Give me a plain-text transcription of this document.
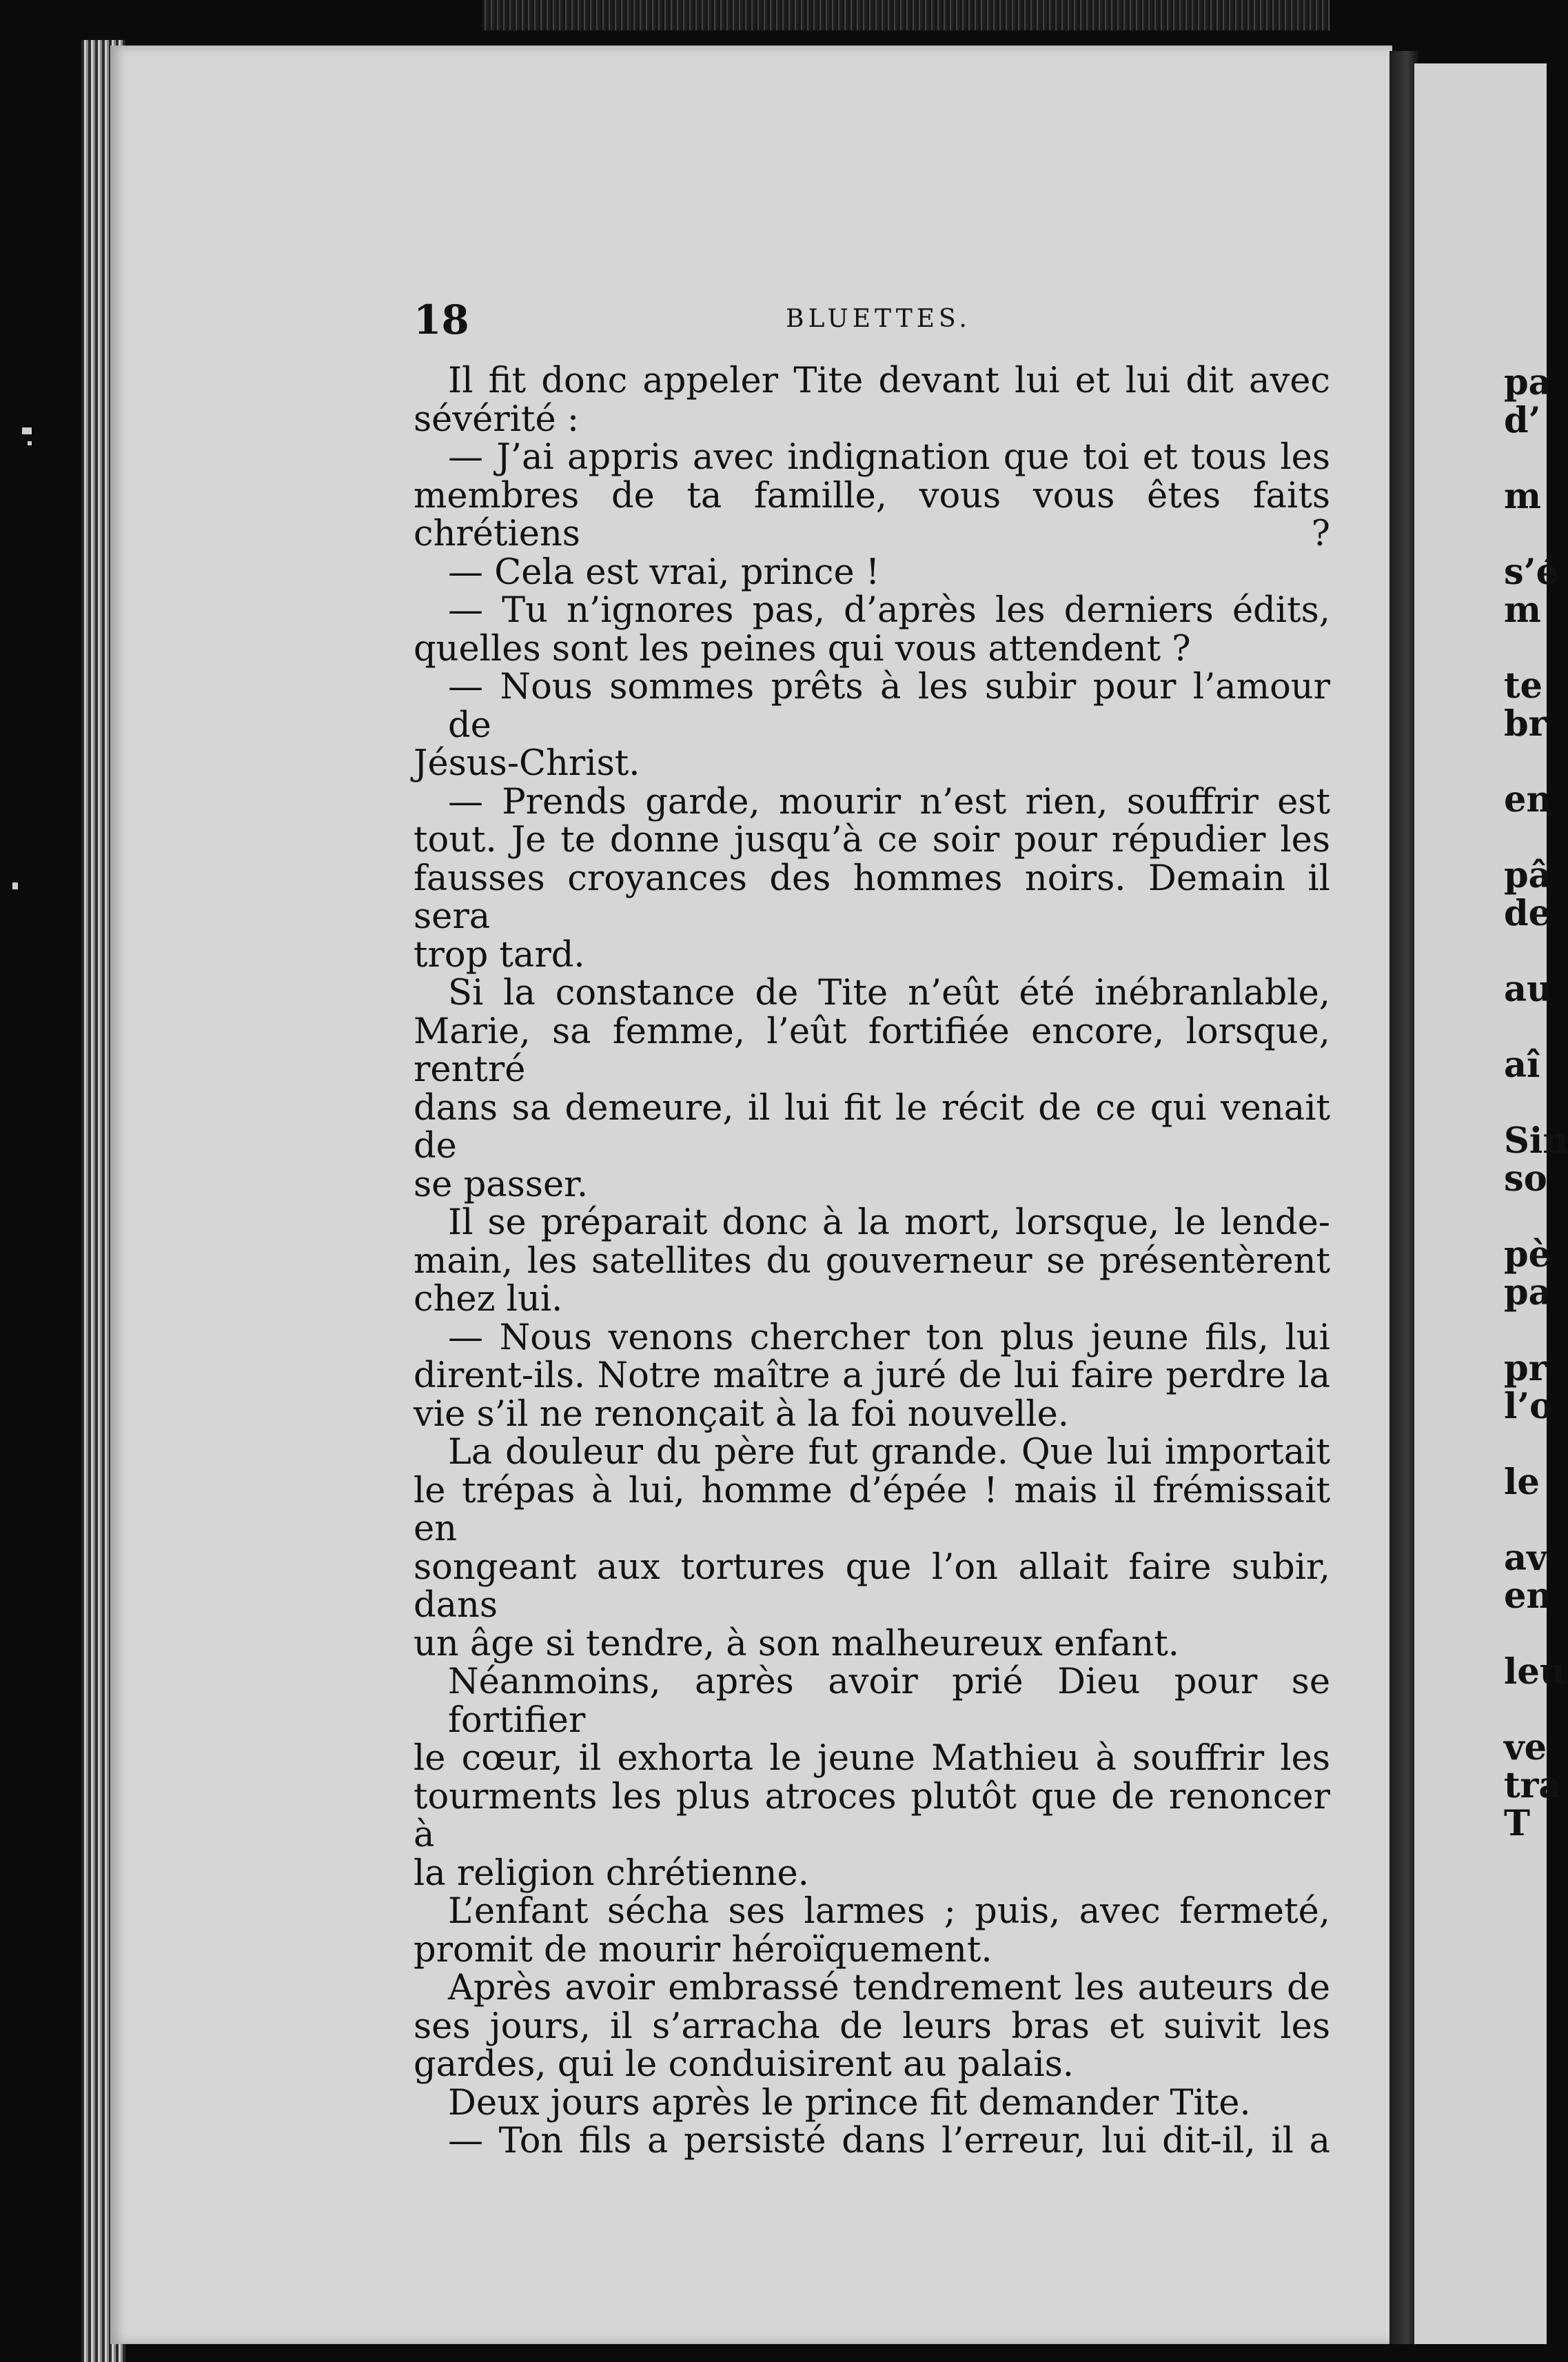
18	BLUETTES.
Il fit donc appeler Tite devant lui et lui dit avec
sévérité :
— J’ai appris avec indignation que toi et tous les
membres de ta famille, vous vous êtes faits chrétiens ?
— Cela est vrai, prince !
— Tu n’ignores pas, d’après les derniers édits,
quelles sont les peines qui vous attendent ?
— Nous sommes prêts à les subir pour l’amour de
Jésus-Christ.
— Prends garde, mourir n’est rien, souffrir est
tout. Je te donne jusqu’à ce soir pour répudier les
fausses croyances des hommes noirs. Demain il sera
trop tard.
Si la constance de Tite n’eût été inébranlable,
Marie, sa femme, l’eût fortifiée encore, lorsque, rentré
dans sa demeure, il lui fit le récit de ce qui venait de
se passer.
Il se préparait donc à la mort, lorsque, le lende-
main, les satellites du gouverneur se présentèrent
chez lui.
— Nous venons chercher ton plus jeune fils, lui
dirent-ils. Notre maître a juré de lui faire perdre la
vie s’il ne renonçait à la foi nouvelle.
La douleur du père fut grande. Que lui importait
le trépas à lui, homme d’épée ! mais il frémissait en
songeant aux tortures que l’on allait faire subir, dans
un âge si tendre, à son malheureux enfant.
Néanmoins, après avoir prié Dieu pour se fortifier
le cœur, il exhorta le jeune Mathieu à souffrir les
tourments les plus atroces plutôt que de renoncer à
la religion chrétienne.
L’enfant sécha ses larmes ; puis, avec fermeté,
promit de mourir héroïquement.
Après avoir embrassé tendrement les auteurs de
ses jours, il s’arracha de leurs bras et suivit les
gardes, qui le conduisirent au palais.
Deux jours après le prince fit demander Tite.
— Ton fils a persisté dans l’erreur, lui dit-il, il a
pa
d’
m
s’é
m
te
br
en
pâ
de
au
aî
Sin
so
pè
pa
pr
l’o
le
av
en
leu
ve
tra
T
